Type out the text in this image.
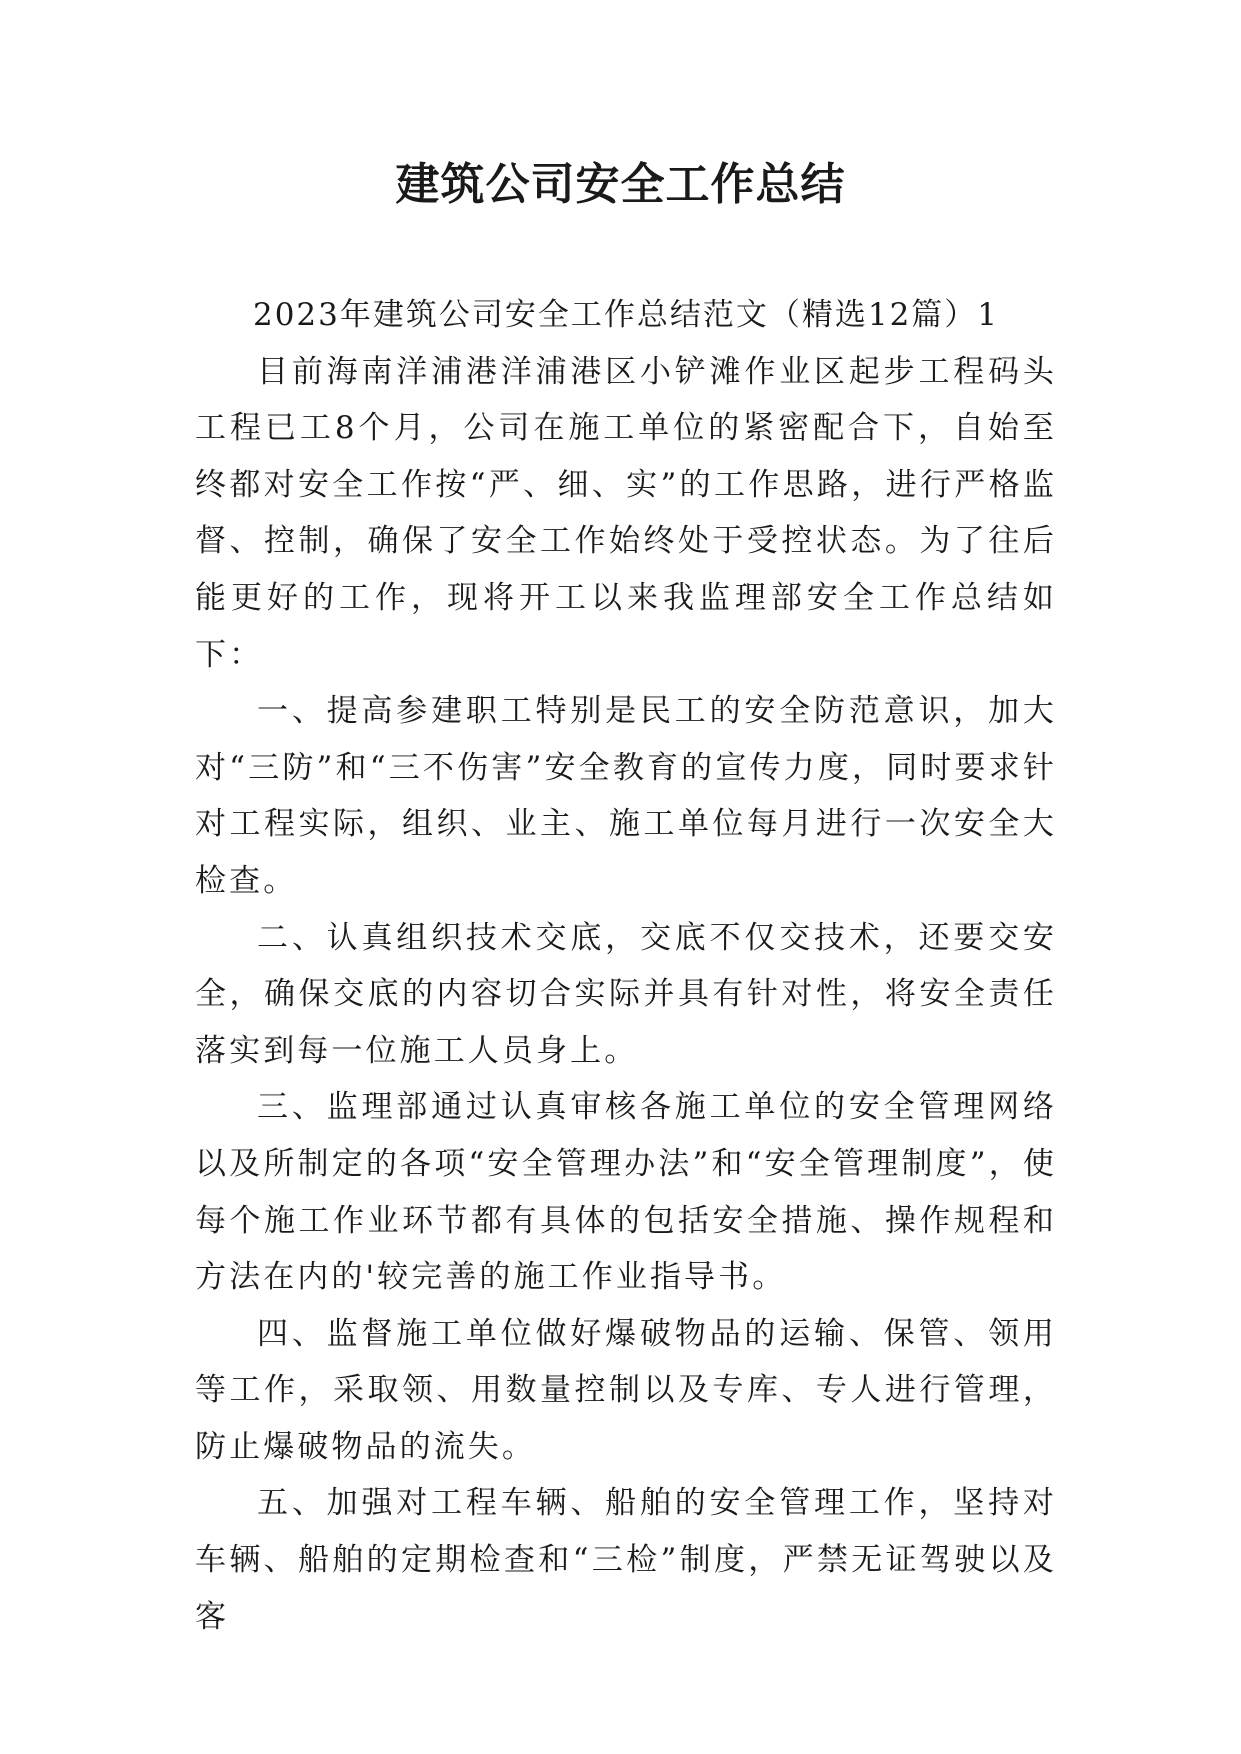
建筑公司安全工作总结

2023年建筑公司安全工作总结范文（精选12篇）1

目前海南洋浦港洋浦港区小铲滩作业区起步工程码头工程已工8个月，公司在施工单位的紧密配合下，自始至终都对安全工作按“严、细、实”的工作思路，进行严格监督、控制，确保了安全工作始终处于受控状态。为了往后能更好的工作，现将开工以来我监理部安全工作总结如下：

一、提高参建职工特别是民工的安全防范意识，加大对“三防”和“三不伤害”安全教育的宣传力度，同时要求针对工程实际，组织、业主、施工单位每月进行一次安全大检查。

二、认真组织技术交底，交底不仅交技术，还要交安全，确保交底的内容切合实际并具有针对性，将安全责任落实到每一位施工人员身上。

三、监理部通过认真审核各施工单位的安全管理网络以及所制定的各项“安全管理办法”和“安全管理制度”，使每个施工作业环节都有具体的包括安全措施、操作规程和方法在内的'较完善的施工作业指导书。

四、监督施工单位做好爆破物品的运输、保管、领用等工作，采取领、用数量控制以及专库、专人进行管理，防止爆破物品的流失。

五、加强对工程车辆、船舶的安全管理工作，坚持对车辆、船舶的定期检查和“三检”制度，严禁无证驾驶以及客
